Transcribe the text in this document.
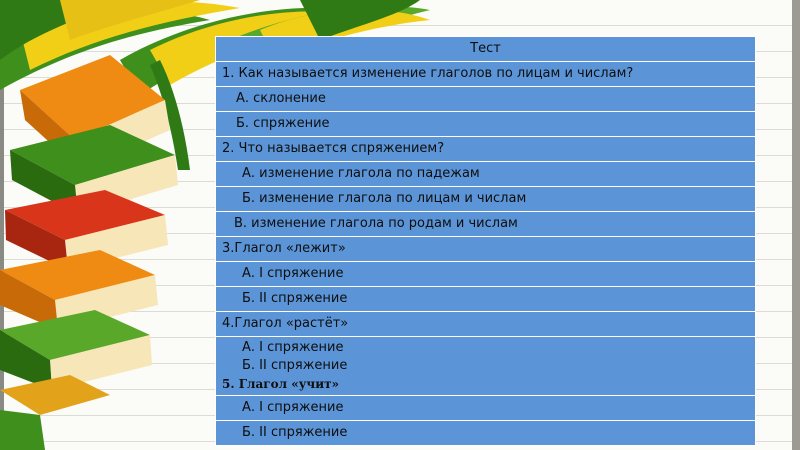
Тест
1. Как называется изменение глаголов по лицам и числам?
А. склонение
Б. спряжение
2. Что называется спряжением?
А. изменение глагола по падежам
Б. изменение глагола по лицам и числам
В. изменение глагола по родам и числам
3.Глагол «лежит»
А. I спряжение
Б. II спряжение
4.Глагол «растёт»

А. I спряжение
Б. II спряжение
5. Глагол «учит»

А. I спряжение
Б. II спряжение
